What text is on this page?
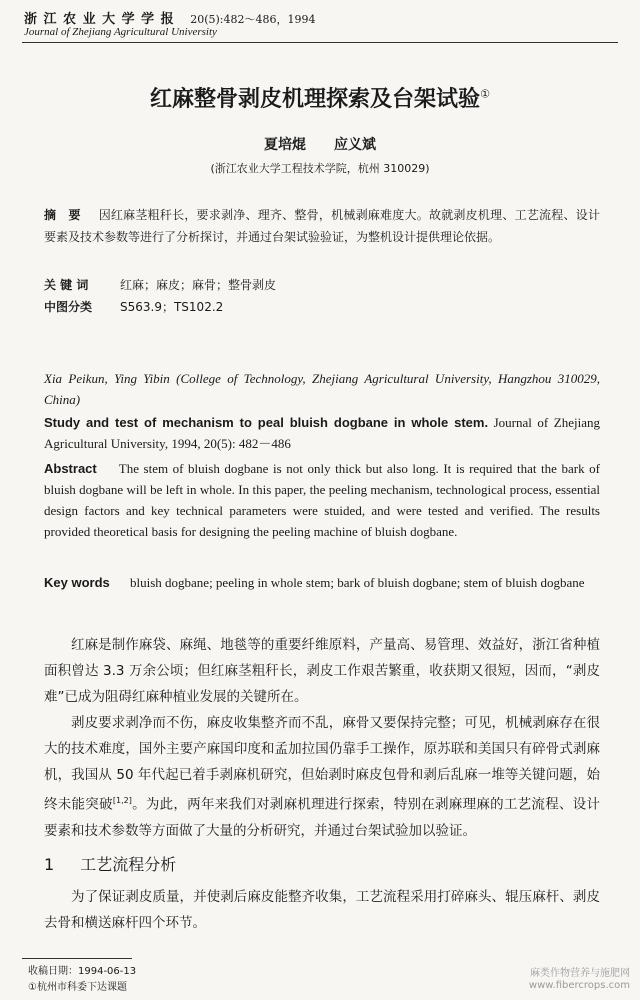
浙 江 农 业 大 学 学 报 20(5):482～486，1994
Journal of Zhejiang Agricultural University
红麻整骨剥皮机理探索及台架试验①
夏培焜 应义斌
(浙江农业大学工程技术学院，杭州 310029)
摘　要 因红麻茎粗秆长，要求剥净、理齐、整骨，机械剥麻难度大。故就剥皮机理、工艺流程、设计要素及技术参数等进行了分析探讨，并通过台架试验验证，为整机设计提供理论依据。
关 键 词	红麻；麻皮；麻骨；整骨剥皮
中图分类 S563.9；TS102.2
Xia Peikun, Ying Yibin (College of Technology, Zhejiang Agricultural University, Hangzhou 310029, China)
Study and test of mechanism to peal bluish dogbane in whole stem. Journal of Zhejiang Agricultural University, 1994, 20(5): 482－486
Abstract The stem of bluish dogbane is not only thick but also long. It is required that the bark of bluish dogbane will be left in whole. In this paper, the peeling mechanism, technological process, essential design factors and key technical parameters were stuided, and were tested and verified. The results provided theoretical basis for designing the peeling machine of bluish dogbane.
Key words	bluish dogbane; peeling in whole stem; bark of bluish dogbane; stem of bluish dogbane

红麻是制作麻袋、麻绳、地毯等的重要纤维原料，产量高、易管理、效益好，浙江省种植面积曾达 3.3 万余公顷；但红麻茎粗秆长，剥皮工作艰苦繁重，收获期又很短，因而，“剥皮难”已成为阻碍红麻种植业发展的关键所在。

剥皮要求剥净而不伤，麻皮收集整齐而不乱，麻骨又要保持完整；可见，机械剥麻存在很大的技术难度，国外主要产麻国印度和孟加拉国仍靠手工操作，原苏联和美国只有碎骨式剥麻机，我国从 50 年代起已着手剥麻机研究，但始剥时麻皮包骨和剥后乱麻一堆等关键问题，始终未能突破[1,2]。为此，两年来我们对剥麻机理进行探索，特别在剥麻理麻的工艺流程、设计要素和技术参数等方面做了大量的分析研究，并通过台架试验加以验证。

1 工艺流程分析

为了保证剥皮质量，并使剥后麻皮能整齐收集，工艺流程采用打碎麻头、辊压麻杆、剥皮去骨和横送麻杆四个环节。

收稿日期：1994-06-13
①杭州市科委下达课题
麻类作物营养与施肥网
www.fibercrops.com
